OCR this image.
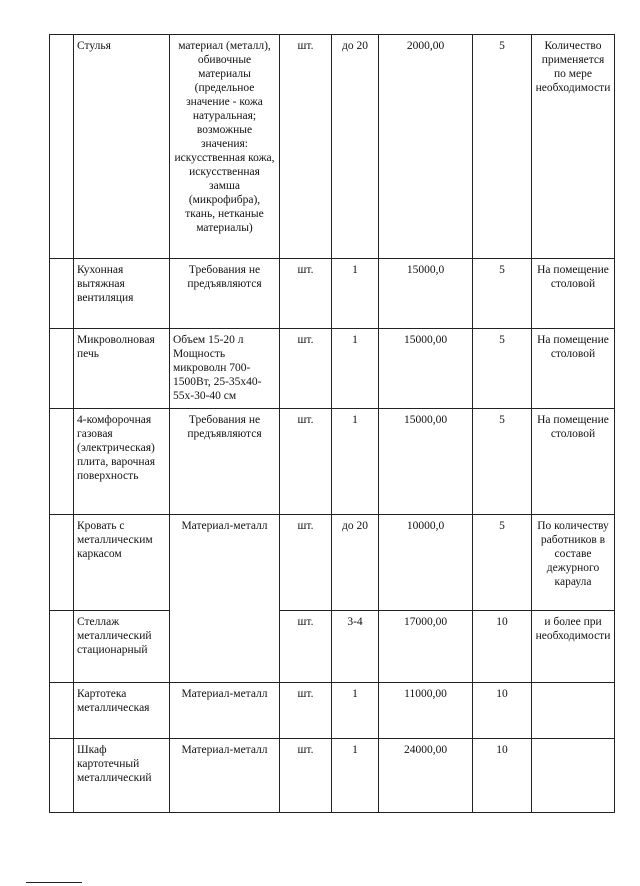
	Стулья	материал (металл), обивочные материалы (предельное значение - кожа натуральная; возможные значения: искусственная кожа, искусственная замша (микрофибра), ткань, нетканые материалы)	шт.	до 20	2000,00	5	Количество применяется по мере необходимости
	Кухонная вытяжная вентиляция	Требования не предъявляются	шт.	1	15000,0	5	На помещение столовой
	Микроволновая печь	Объем 15-20 л Мощность микроволн 700-1500Вт, 25-35х40-55х-30-40 см	шт.	1	15000,00	5	На помещение столовой
	4-комфорочная газовая (электрическая) плита, варочная поверхность	Требования не предъявляются	шт.	1	15000,00	5	На помещение столовой
	Кровать с металлическим каркасом	Материал-металл	шт.	до 20	10000,0	5	По количеству работников в составе дежурного караула
	Стеллаж металлический стационарный		шт.	3-4	17000,00	10	и более при необходимости
	Картотека металлическая	Материал-металл	шт.	1	11000,00	10	
	Шкаф картотечный металлический	Материал-металл	шт.	1	24000,00	10	
